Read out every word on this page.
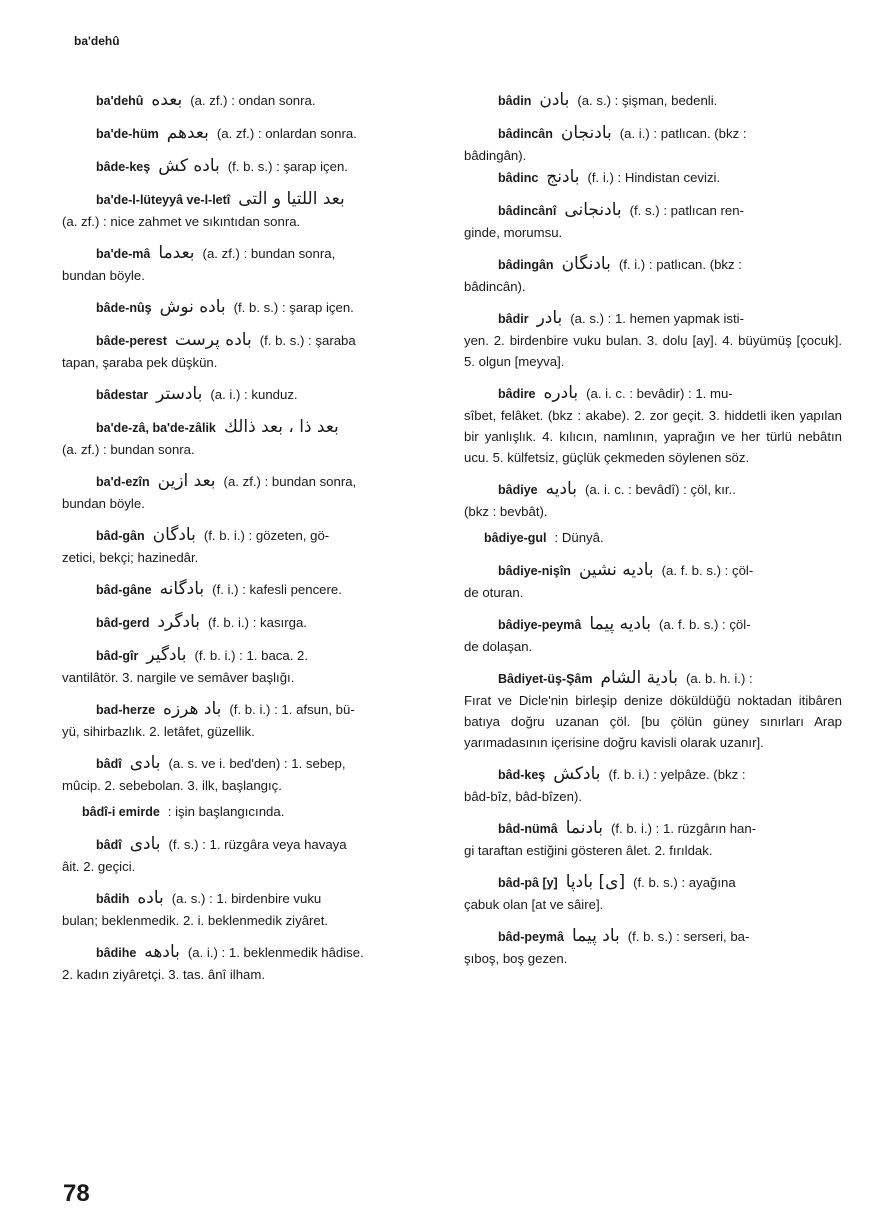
ba'dehû
ba'dehû بعده (a. zf.) : ondan sonra.
ba'de-hüm بعدهم (a. zf.) : onlardan sonra.
bâde-keş باده کش (f. b. s.) : şarap içen.
ba'de-l-lüteyyâ ve-l-letî بعد اللتیا و التی
(a. zf.) : nice zahmet ve sıkıntıdan sonra.
ba'de-mâ بعدما (a. zf.) : bundan sonra,
bundan böyle.
bâde-nûş باده نوش (f. b. s.) : şarap içen.
bâde-perest باده پرست (f. b. s.) : şaraba
tapan, şaraba pek düşkün.
bâdestar بادستر (a. i.) : kunduz.
ba'de-zâ, ba'de-zâlik بعد ذا ، بعد ذالك
(a. zf.) : bundan sonra.
ba'd-ezîn بعد ازین (a. zf.) : bundan sonra,
bundan böyle.
bâd-gân بادگان (f. b. i.) : gözeten, gö-
zetici, bekçi; hazinedâr.
bâd-gâne بادگانه (f. i.) : kafesli pencere.
bâd-gerd بادگرد (f. b. i.) : kasırga.
bâd-gîr بادگیر (f. b. i.) : 1. baca. 2.
vantilâtör. 3. nargile ve semâver başlığı.
bad-herze باد هرزه (f. b. i.) : 1. afsun, bü-
yü, sihirbazlık. 2. letâfet, güzellik.
bâdî بادی (a. s. ve i. bed'den) : 1. sebep,
mûcip. 2. sebebolan. 3. ilk, başlangıç.
bâdî-i emirde : işin başlangıcında.
bâdî بادی (f. s.) : 1. rüzgâra veya havaya
âit. 2. geçici.
bâdih باده (a. s.) : 1. birdenbire vuku
bulan; beklenmedik. 2. i. beklenmedik ziyâret.
bâdihe بادهه (a. i.) : 1. beklenmedik hâdise.
2. kadın ziyâretçi. 3. tas. ânî ilham.
bâdin بادن (a. s.) : şişman, bedenli.
bâdincân بادنجان (a. i.) : patlıcan. (bkz :
bâdingân).
bâdinc بادنج (f. i.) : Hindistan cevizi.
bâdincânî بادنجانی (f. s.) : patlıcan ren-
ginde, morumsu.
bâdingân بادنگان (f. i.) : patlıcan. (bkz :
bâdincân).
bâdir بادر (a. s.) : 1. hemen yapmak isti-
yen. 2. birdenbire vuku bulan. 3. dolu [ay]. 4. büyümüş [çocuk]. 5. olgun [meyva].
bâdire بادره (a. i. c. : bevâdir) : 1. mu-
sîbet, felâket. (bkz : akabe). 2. zor geçit. 3. hiddetli iken yapılan bir yanlışlık. 4. kılıcın, namlının, yaprağın ve her türlü nebâtın ucu. 5. külfetsiz, güçlük çekmeden söylenen söz.
bâdiye بادیه (a. i. c. : bevâdî) : çöl, kır..
(bkz : bevbât).
bâdiye-gul : Dünyâ.
bâdiye-nişîn بادیه نشین (a. f. b. s.) : çöl-
de oturan.
bâdiye-peymâ بادیه پیما (a. f. b. s.) : çöl-
de dolaşan.
Bâdiyet-üş-Şâm بادیة الشام (a. b. h. i.) :
Fırat ve Dicle'nin birleşip denize döküldüğü noktadan itibâren batıya doğru uzanan çöl. [bu çölün güney sınırları Arap yarımadasının içerisine doğru kavisli olarak uzanır].
bâd-keş بادکش (f. b. i.) : yelpâze. (bkz :
bâd-bîz, bâd-bîzen).
bâd-nümâ بادنما (f. b. i.) : 1. rüzgârın han-
gi taraftan estiğini gösteren âlet. 2. fırıldak.
bâd-pâ [y] [ی] بادپا (f. b. s.) : ayağına
çabuk olan [at ve sâire].
bâd-peymâ باد پیما (f. b. s.) : serseri, ba-
şıboş, boş gezen.
78
